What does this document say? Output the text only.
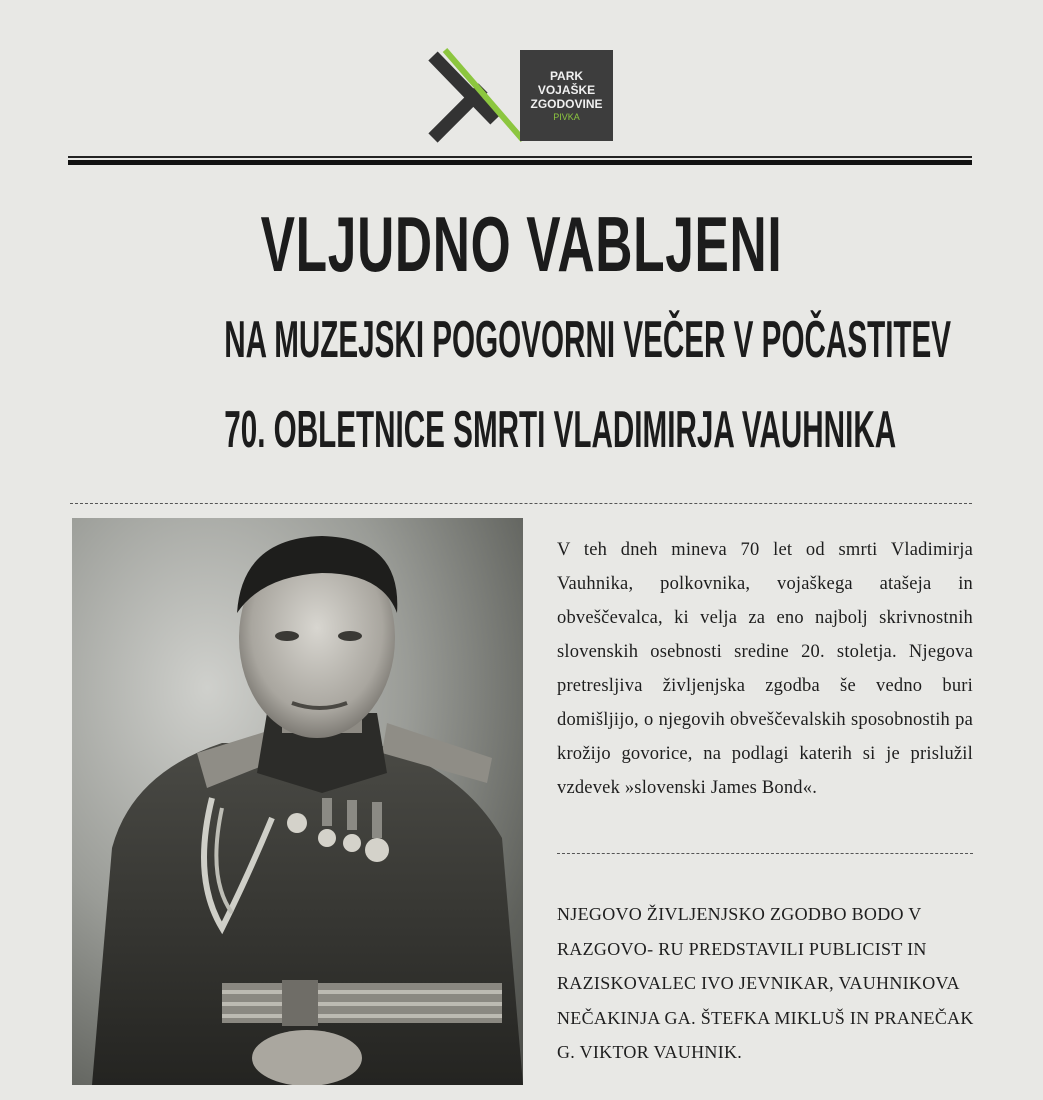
PARK
VOJAŠKE
ZGODOVINE
PIVKA
VLJUDNO VABLJENI
NA MUZEJSKI POGOVORNI VEČER V POČASTITEV
70. OBLETNICE SMRTI VLADIMIRJA VAUHNIKA
V teh dneh mineva 70 let od smrti Vladimirja Vauhnika, polkovnika, vojaškega atašeja in obveščevalca, ki velja za eno najbolj skrivnostnih slovenskih osebnosti sredine 20. stoletja. Njegova pretresljiva življenjska zgodba še vedno buri domišljijo, o njegovih obveščevalskih sposobnostih pa krožijo govorice, na podlagi katerih si je prislužil vzdevek »slovenski James Bond«.
NJEGOVO ŽIVLJENJSKO ZGODBO BODO V RAZGOVO- RU PREDSTAVILI PUBLICIST IN RAZISKOVALEC IVO JEVNIKAR, VAUHNIKOVA NEČAKINJA GA. ŠTEFKA MIKLUŠ IN PRANEČAK G. VIKTOR VAUHNIK.
